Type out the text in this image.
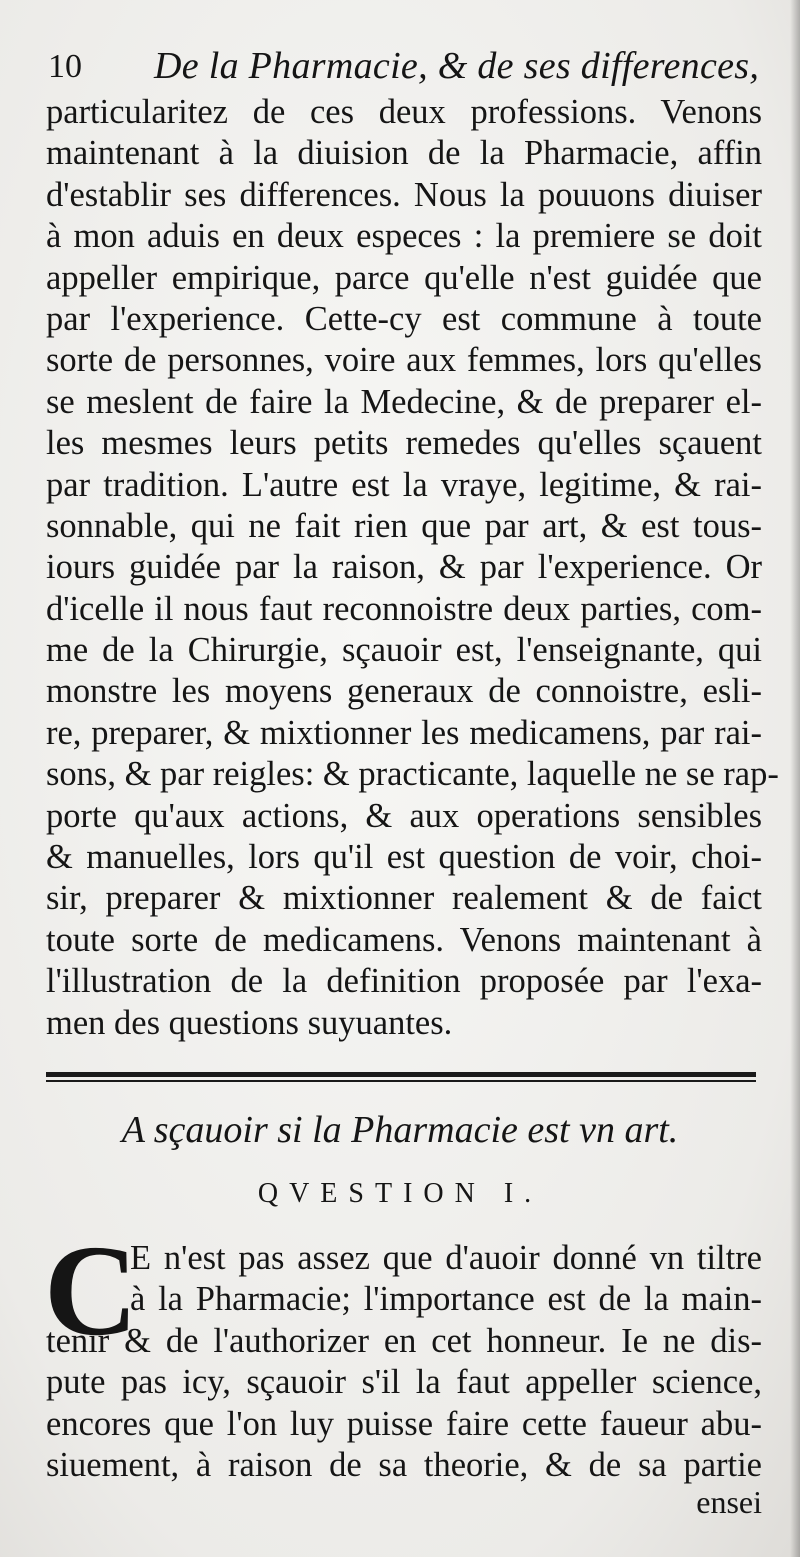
10 De la Pharmacie, & de ses differences,
particularitez de ces deux professions. Venons
maintenant à la diuision de la Pharmacie, affin
d'establir ses differences. Nous la pouuons diuiser
à mon aduis en deux especes : la premiere se doit
appeller empirique, parce qu'elle n'est guidée que
par l'experience. Cette-cy est commune à toute
sorte de personnes, voire aux femmes, lors qu'elles
se meslent de faire la Medecine, & de preparer el-
les mesmes leurs petits remedes qu'elles sçauent
par tradition. L'autre est la vraye, legitime, & rai-
sonnable, qui ne fait rien que par art, & est tous-
iours guidée par la raison, & par l'experience. Or
d'icelle il nous faut reconnoistre deux parties, com-
me de la Chirurgie, sçauoir est, l'enseignante, qui
monstre les moyens generaux de connoistre, esli-
re, preparer, & mixtionner les medicamens, par rai-
sons, & par reigles: & practicante, laquelle ne se rap-
porte qu'aux actions, & aux operations sensibles
& manuelles, lors qu'il est question de voir, choi-
sir, preparer & mixtionner realement & de faict
toute sorte de medicamens. Venons maintenant à
l'illustration de la definition proposée par l'exa-
men des questions suyuantes.
A sçauoir si la Pharmacie est vn art.
QVESTION I.
C
E n'est pas assez que d'auoir donné vn tiltre
à la Pharmacie; l'importance est de la main-
tenir & de l'authorizer en cet honneur. Ie ne dis-
pute pas icy, sçauoir s'il la faut appeller science,
encores que l'on luy puisse faire cette faueur abu-
siuement, à raison de sa theorie, & de sa partie
ensei
